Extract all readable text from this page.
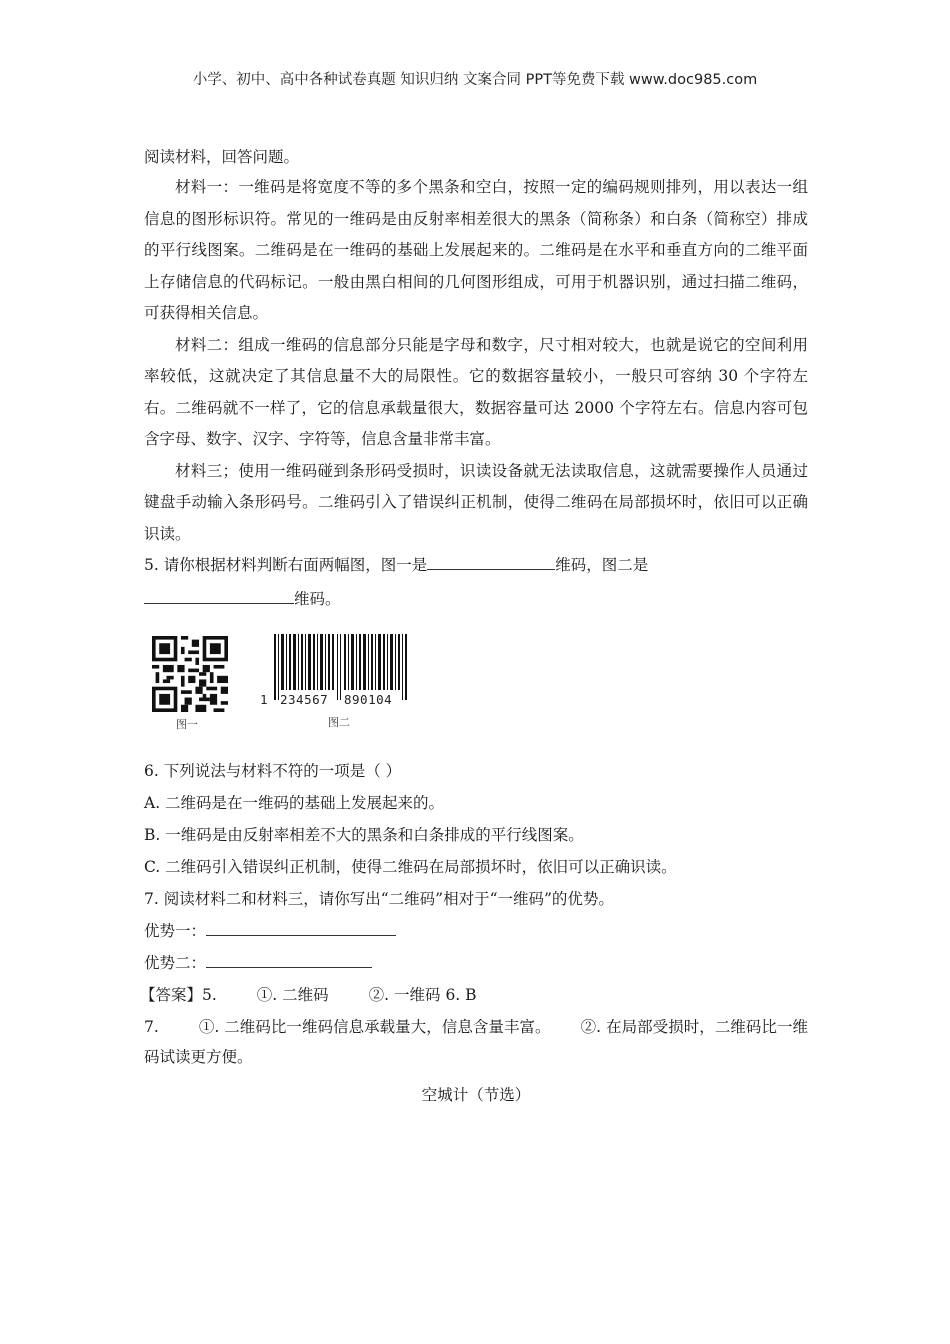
小学、初中、高中各种试卷真题 知识归纳 文案合同 PPT等免费下载 www.doc985.com

阅读材料，回答问题。

材料一：一维码是将宽度不等的多个黑条和空白，按照一定的编码规则排列，用以表达一组信息的图形标识符。常见的一维码是由反射率相差很大的黑条（简称条）和白条（简称空）排成的平行线图案。二维码是在一维码的基础上发展起来的。二维码是在水平和垂直方向的二维平面上存储信息的代码标记。一般由黑白相间的几何图形组成，可用于机器识别，通过扫描二维码，可获得相关信息。

材料二：组成一维码的信息部分只能是字母和数字，尺寸相对较大，也就是说它的空间利用率较低，这就决定了其信息量不大的局限性。它的数据容量较小，一般只可容纳 30 个字符左右。二维码就不一样了，它的信息承载量很大，数据容量可达 2000 个字符左右。信息内容可包含字母、数字、汉字、字符等，信息含量非常丰富。

材料三；使用一维码碰到条形码受损时，识读设备就无法读取信息，这就需要操作人员通过键盘手动输入条形码号。二维码引入了错误纠正机制，使得二维码在局部损坏时，依旧可以正确识读。

5. 请你根据材料判断右面两幅图，图一是	维码，图二是

维码。

图一
1 234567 890104
图二

6. 下列说法与材料不符的一项是（ ）

A. 二维码是在一维码的基础上发展起来的。

B. 一维码是由反射率相差不大的黑条和白条排成的平行线图案。

C. 二维码引入错误纠正机制，使得二维码在局部损坏时，依旧可以正确识读。

7. 阅读材料二和材料三，请你写出“二维码”相对于“一维码”的优势。

优势一：

优势二：

【答案】5.	①. 二维码	②. 一维码 6. B

7.	①. 二维码比一维码信息承载量大，信息含量丰富。 ②. 在局部受损时，二维码比一维码试读更方便。

空城计（节选）
